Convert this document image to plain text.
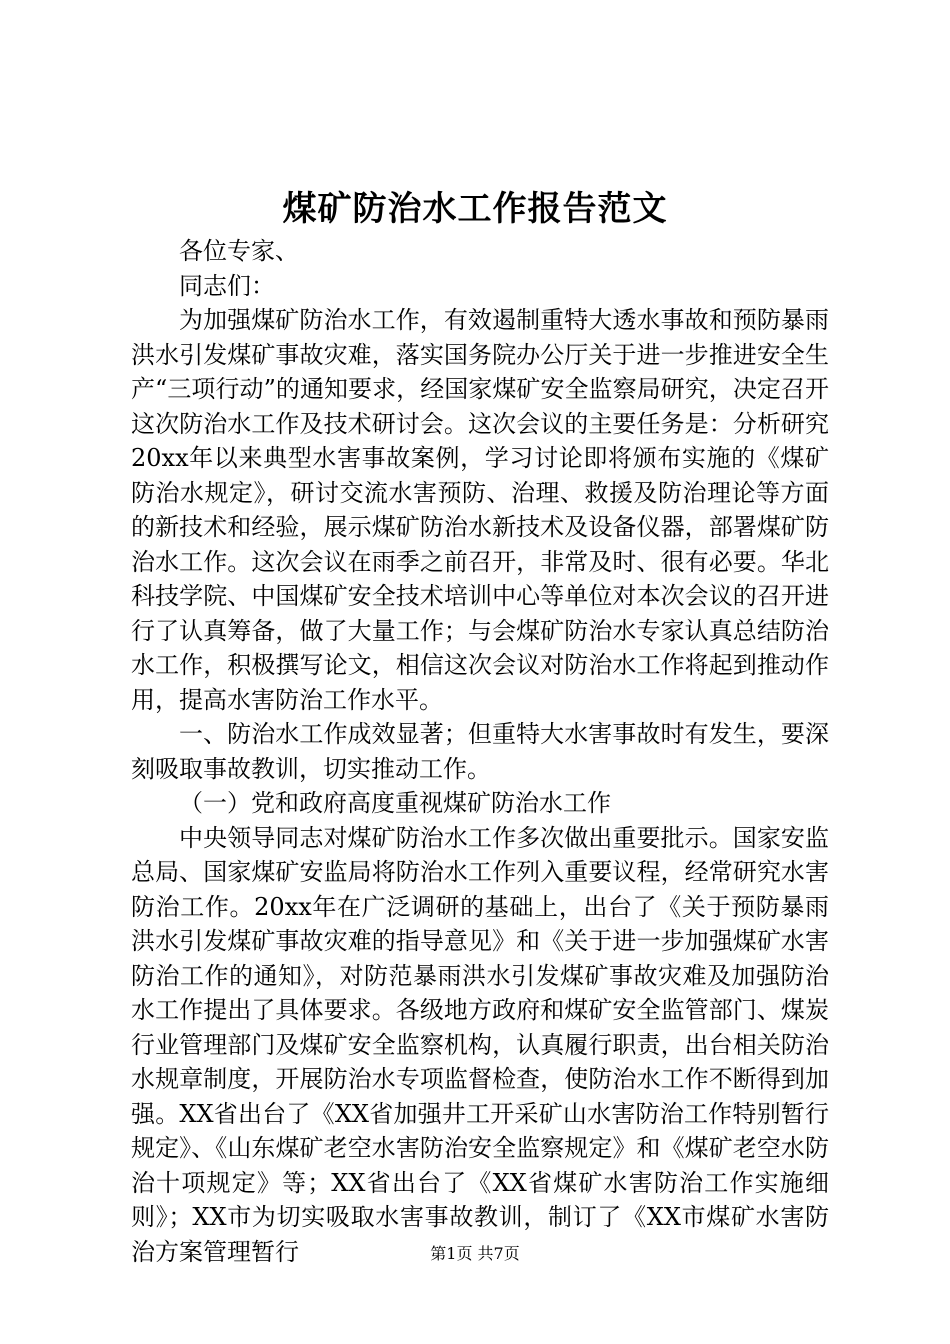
煤矿防治水工作报告范文

各位专家、

同志们：

为加强煤矿防治水工作，有效遏制重特大透水事故和预防暴雨洪水引发煤矿事故灾难，落实国务院办公厅关于进一步推进安全生产“三项行动”的通知要求，经国家煤矿安全监察局研究，决定召开这次防治水工作及技术研讨会。这次会议的主要任务是：分析研究20xx年以来典型水害事故案例，学习讨论即将颁布实施的《煤矿防治水规定》，研讨交流水害预防、治理、救援及防治理论等方面的新技术和经验，展示煤矿防治水新技术及设备仪器，部署煤矿防治水工作。这次会议在雨季之前召开，非常及时、很有必要。华北科技学院、中国煤矿安全技术培训中心等单位对本次会议的召开进行了认真筹备，做了大量工作；与会煤矿防治水专家认真总结防治水工作，积极撰写论文，相信这次会议对防治水工作将起到推动作用，提高水害防治工作水平。

一、防治水工作成效显著；但重特大水害事故时有发生，要深刻吸取事故教训，切实推动工作。

（一）党和政府高度重视煤矿防治水工作

中央领导同志对煤矿防治水工作多次做出重要批示。国家安监总局、国家煤矿安监局将防治水工作列入重要议程，经常研究水害防治工作。20xx年在广泛调研的基础上，出台了《关于预防暴雨洪水引发煤矿事故灾难的指导意见》和《关于进一步加强煤矿水害防治工作的通知》，对防范暴雨洪水引发煤矿事故灾难及加强防治水工作提出了具体要求。各级地方政府和煤矿安全监管部门、煤炭行业管理部门及煤矿安全监察机构，认真履行职责，出台相关防治水规章制度，开展防治水专项监督检查，使防治水工作不断得到加强。XX省出台了《XX省加强井工开采矿山水害防治工作特别暂行规定》、《山东煤矿老空水害防治安全监察规定》和《煤矿老空水防治十项规定》等；XX省出台了《XX省煤矿水害防治工作实施细则》；XX市为切实吸取水害事故教训，制订了《XX市煤矿水害防治方案管理暂行	第1页 共7页
